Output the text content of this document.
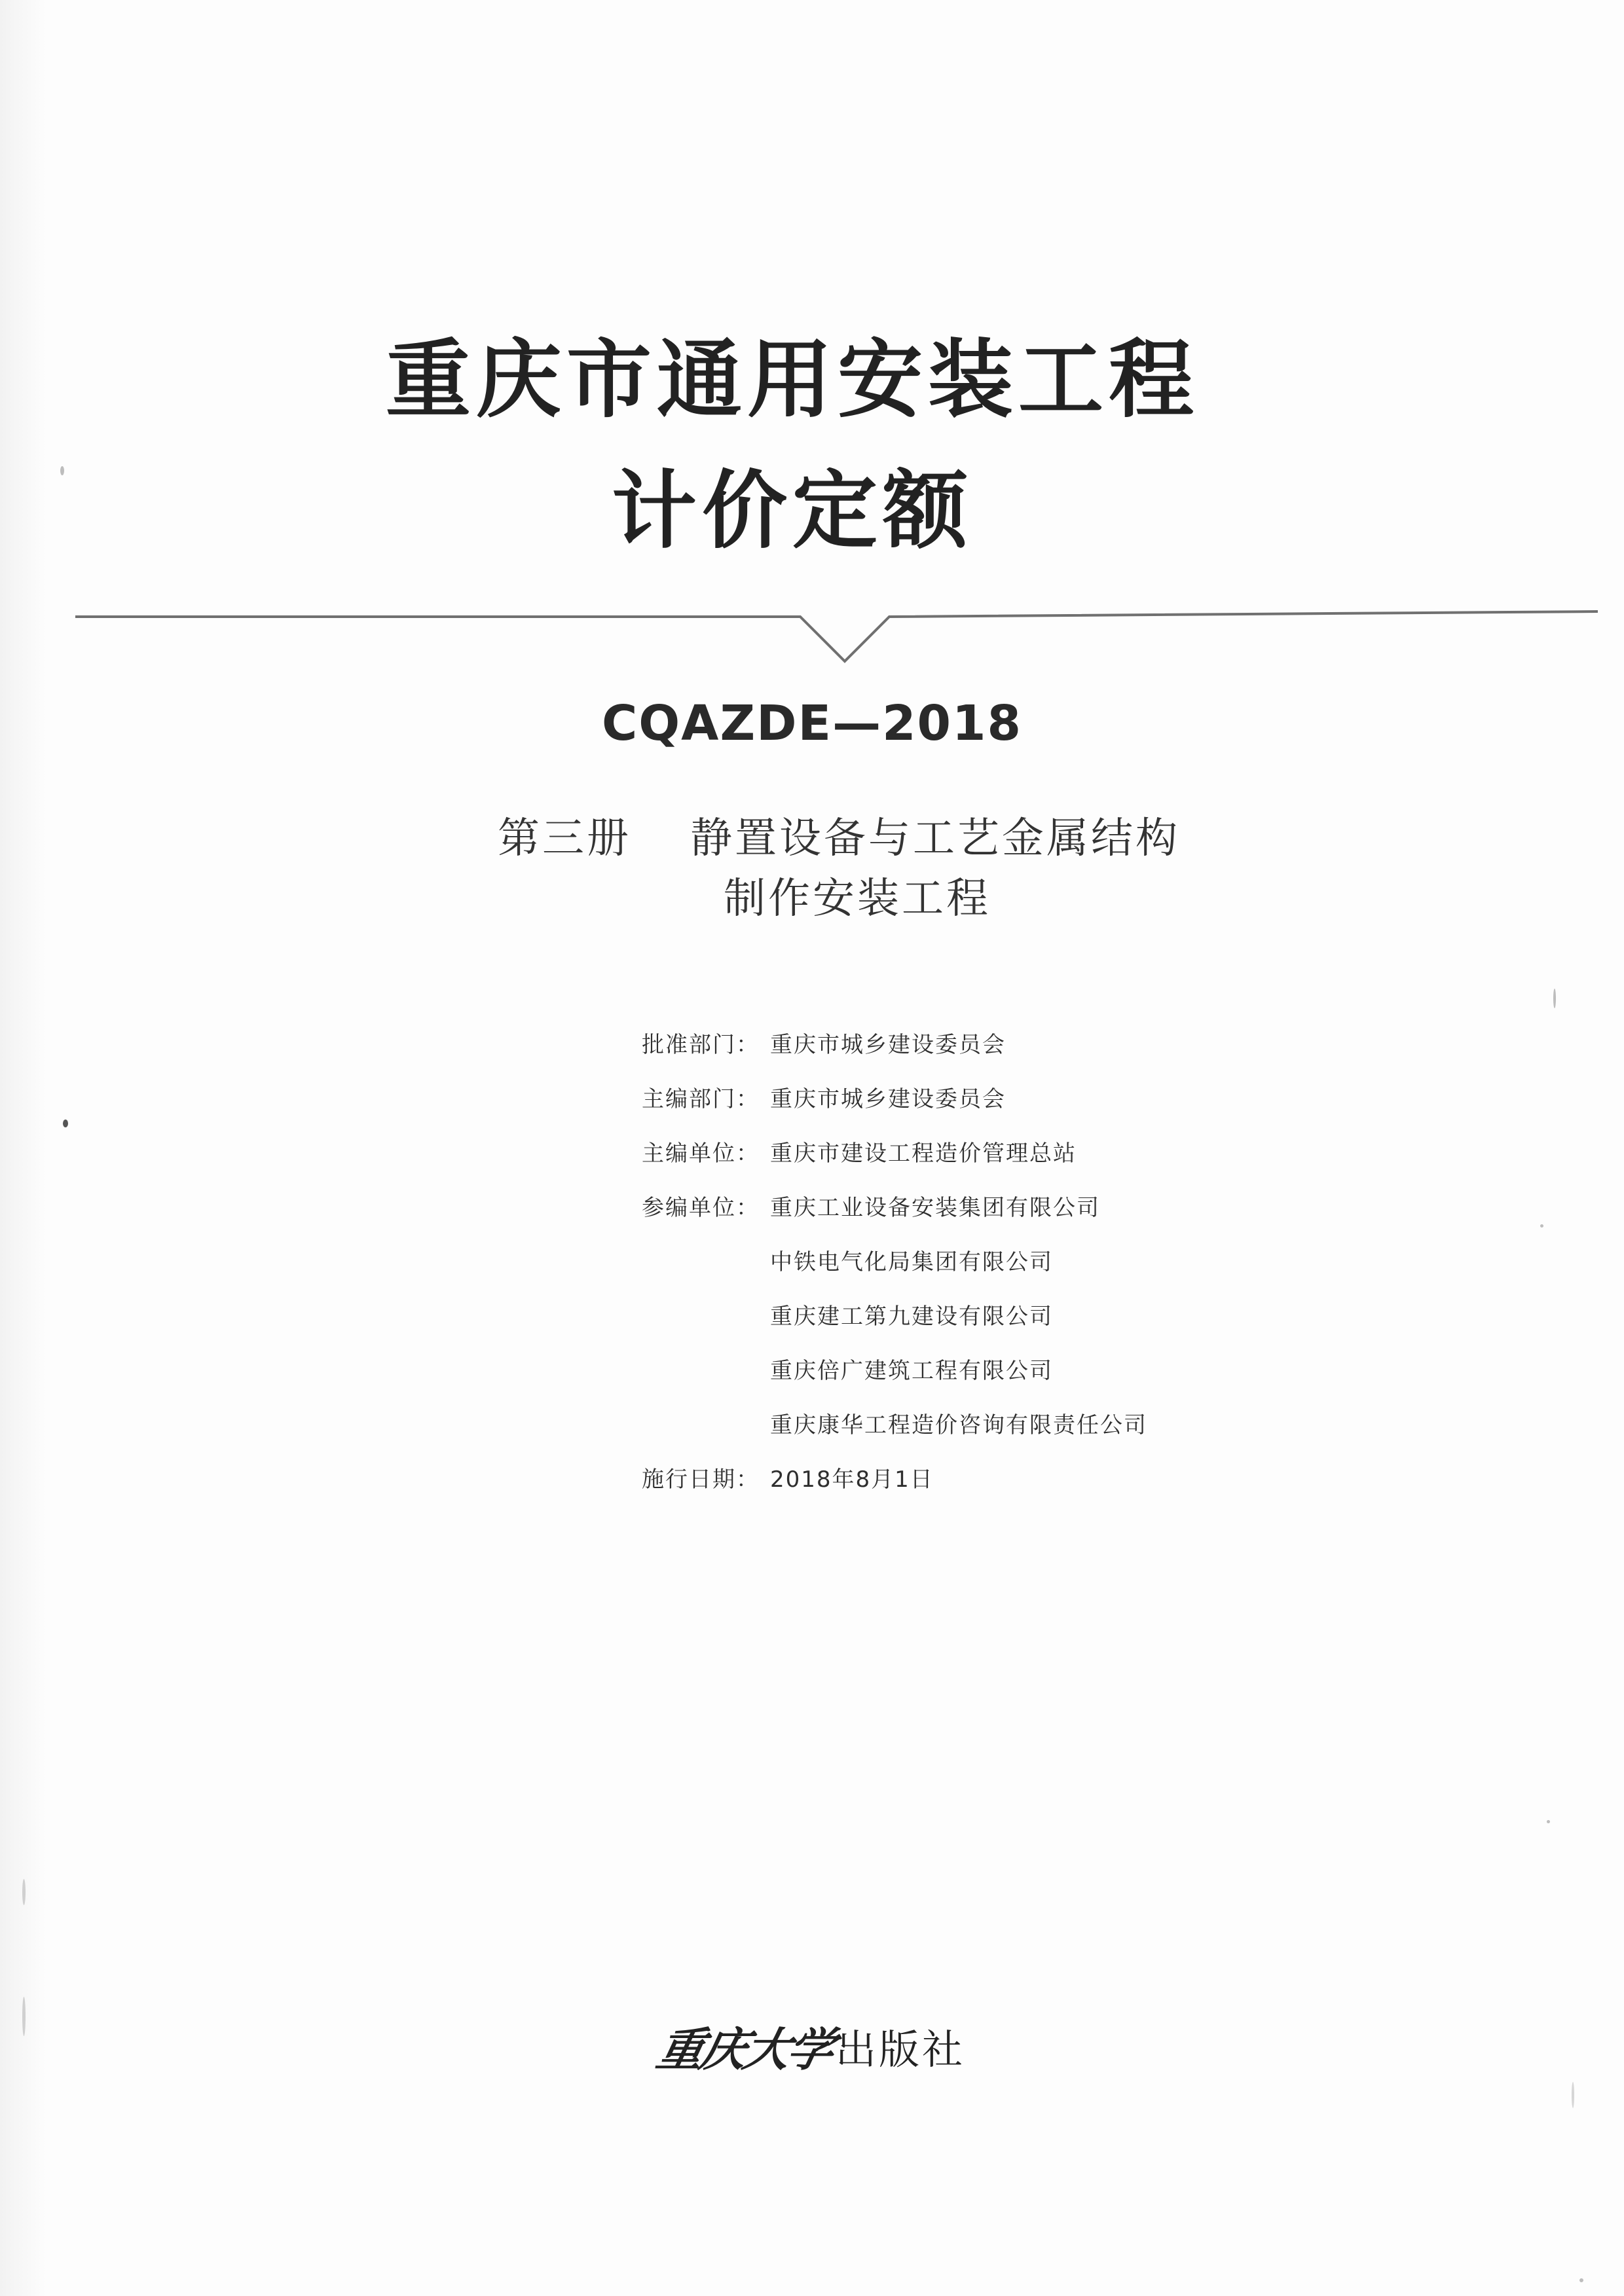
重庆市通用安装工程
计价定额
CQAZDE—2018
第三册 静置设备与工艺金属结构
制作安装工程
批准部门： 重庆市城乡建设委员会
主编部门： 重庆市城乡建设委员会
主编单位： 重庆市建设工程造价管理总站
参编单位： 重庆工业设备安装集团有限公司
中铁电气化局集团有限公司
重庆建工第九建设有限公司
重庆倍广建筑工程有限公司
重庆康华工程造价咨询有限责任公司
施行日期： 2018年8月1日
重庆大学出版社
